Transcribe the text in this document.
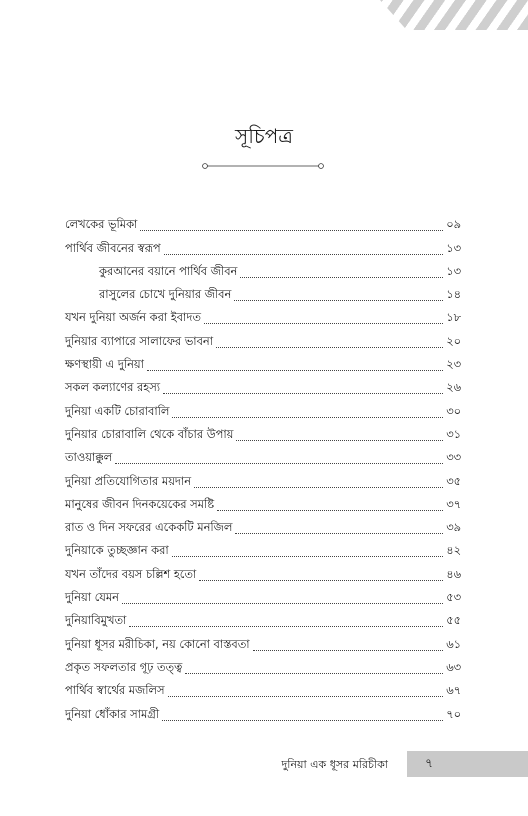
সূচিপত্র
লেখকের ভূমিকা	০৯
পার্থিব জীবনের স্বরূপ	১৩
কুরআনের বয়ানে পার্থিব জীবন	১৩
রাসুলের চোখে দুনিয়ার জীবন	১৪
যখন দুনিয়া অর্জন করা ইবাদত	১৮
দুনিয়ার ব্যাপারে সালাফের ভাবনা	২০
ক্ষণস্থায়ী এ দুনিয়া	২৩
সকল কল্যাণের রহস্য	২৬
দুনিয়া একটি চোরাবালি	৩০
দুনিয়ার চোরাবালি থেকে বাঁচার উপায়	৩১
তাওয়াক্কুল	৩৩
দুনিয়া প্রতিযোগিতার ময়দান	৩৫
মানুষের জীবন দিনকয়েকের সমষ্টি	৩৭
রাত ও দিন সফরের একেকটি মনজিল	৩৯
দুনিয়াকে তুচ্ছজ্ঞান করা	৪২
যখন তাঁদের বয়স চল্লিশ হতো	৪৬
দুনিয়া যেমন	৫৩
দুনিয়াবিমুখতা	৫৫
দুনিয়া ধূসর মরীচিকা, নয় কোনো বাস্তবতা	৬১
প্রকৃত সফলতার গূঢ় তত্ত্ব	৬৩
পার্থিব স্বার্থের মজলিস	৬৭
দুনিয়া ধোঁকার সামগ্রী	৭০
দুনিয়া এক ধূসর মরিচীকা	৭
